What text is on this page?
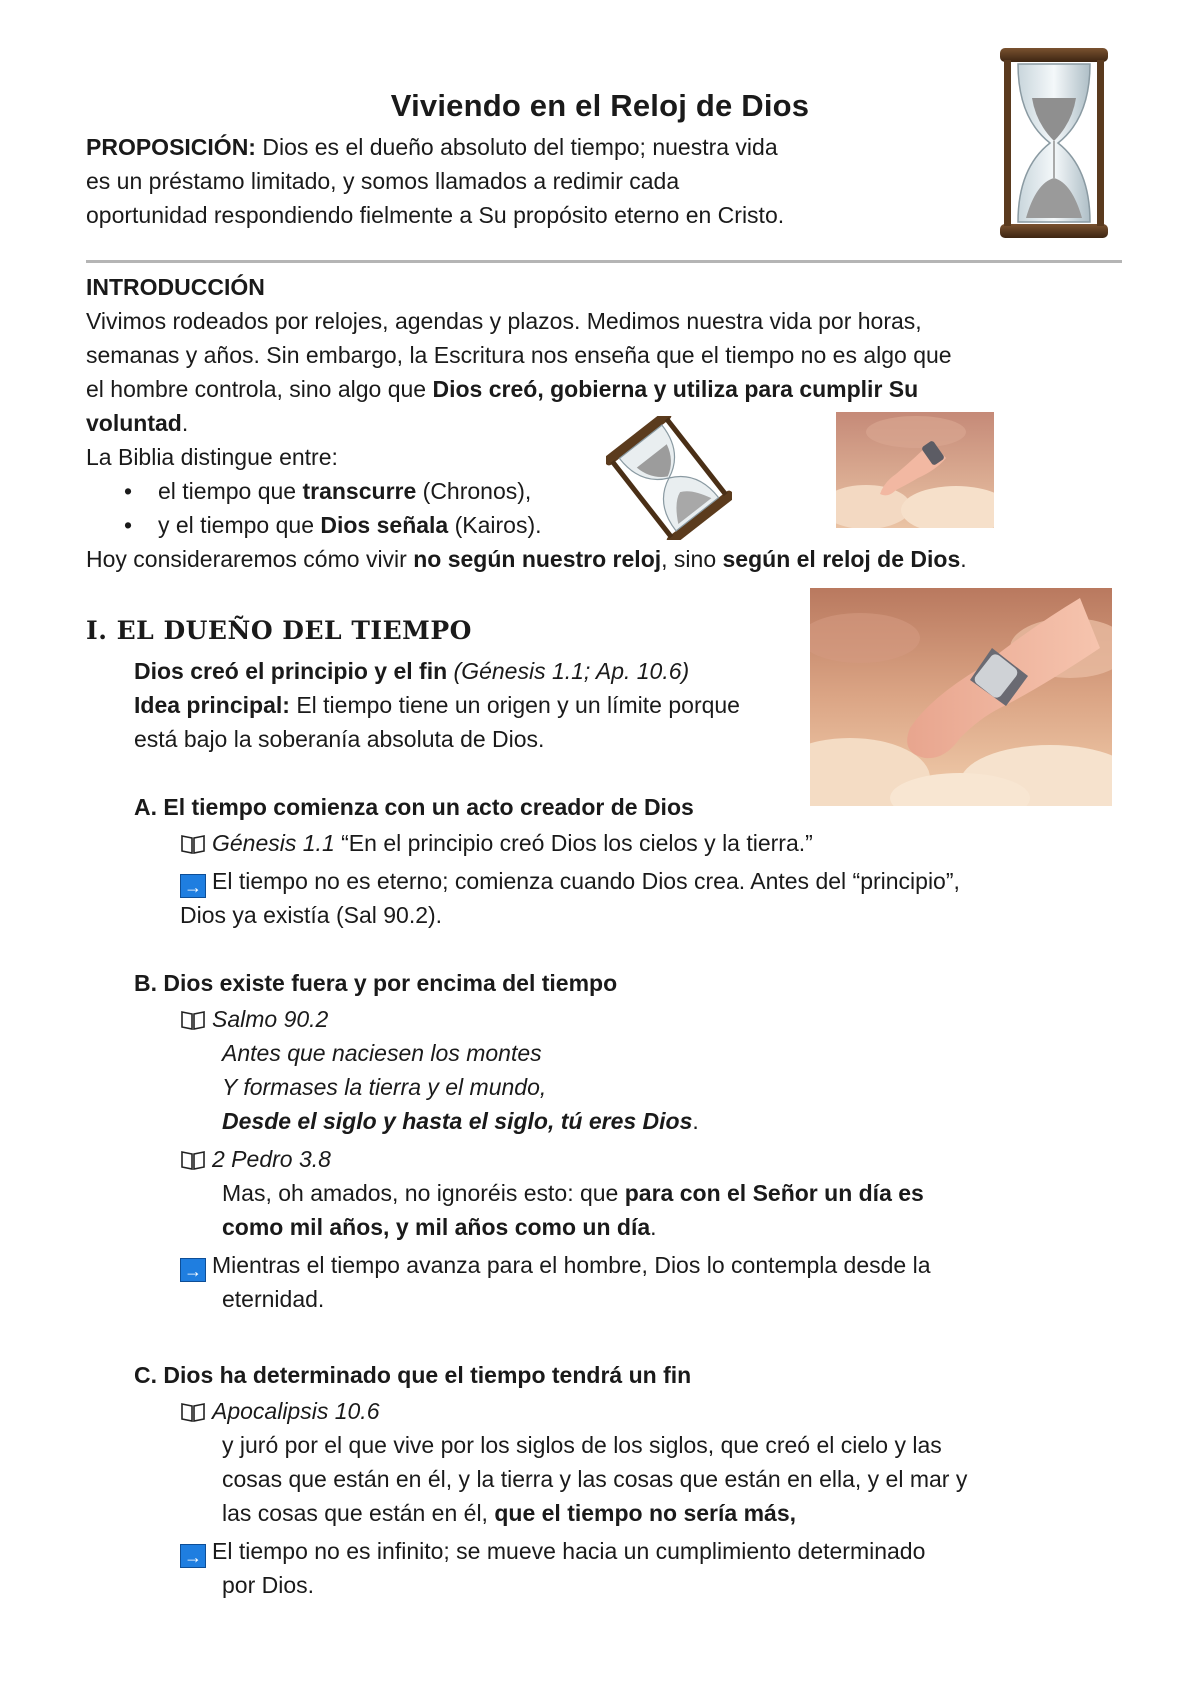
Viviendo en el Reloj de Dios
PROPOSICIÓN: Dios es el dueño absoluto del tiempo; nuestra vida
es un préstamo limitado, y somos llamados a redimir cada
oportunidad respondiendo fielmente a Su propósito eterno en Cristo.
INTRODUCCIÓN
Vivimos rodeados por relojes, agendas y plazos. Medimos nuestra vida por horas,
semanas y años. Sin embargo, la Escritura nos enseña que el tiempo no es algo que
el hombre controla, sino algo que Dios creó, gobierna y utiliza para cumplir Su
voluntad.
La Biblia distingue entre:
• el tiempo que transcurre (Chronos),
• y el tiempo que Dios señala (Kairos).
Hoy consideraremos cómo vivir no según nuestro reloj, sino según el reloj de Dios.
I. EL DUEÑO DEL TIEMPO
Dios creó el principio y el fin (Génesis 1.1; Ap. 10.6)
Idea principal: El tiempo tiene un origen y un límite porque
está bajo la soberanía absoluta de Dios.
A. El tiempo comienza con un acto creador de Dios
Génesis 1.1 “En el principio creó Dios los cielos y la tierra.”
→ El tiempo no es eterno; comienza cuando Dios crea. Antes del “principio”,
Dios ya existía (Sal 90.2).
B. Dios existe fuera y por encima del tiempo
Salmo 90.2
Antes que naciesen los montes
Y formases la tierra y el mundo,
Desde el siglo y hasta el siglo, tú eres Dios.
2 Pedro 3.8
Mas, oh amados, no ignoréis esto: que para con el Señor un día es
como mil años, y mil años como un día.
→ Mientras el tiempo avanza para el hombre, Dios lo contempla desde la
eternidad.
C. Dios ha determinado que el tiempo tendrá un fin
Apocalipsis 10.6
y juró por el que vive por los siglos de los siglos, que creó el cielo y las
cosas que están en él, y la tierra y las cosas que están en ella, y el mar y
las cosas que están en él, que el tiempo no sería más,
→ El tiempo no es infinito; se mueve hacia un cumplimiento determinado
por Dios.
